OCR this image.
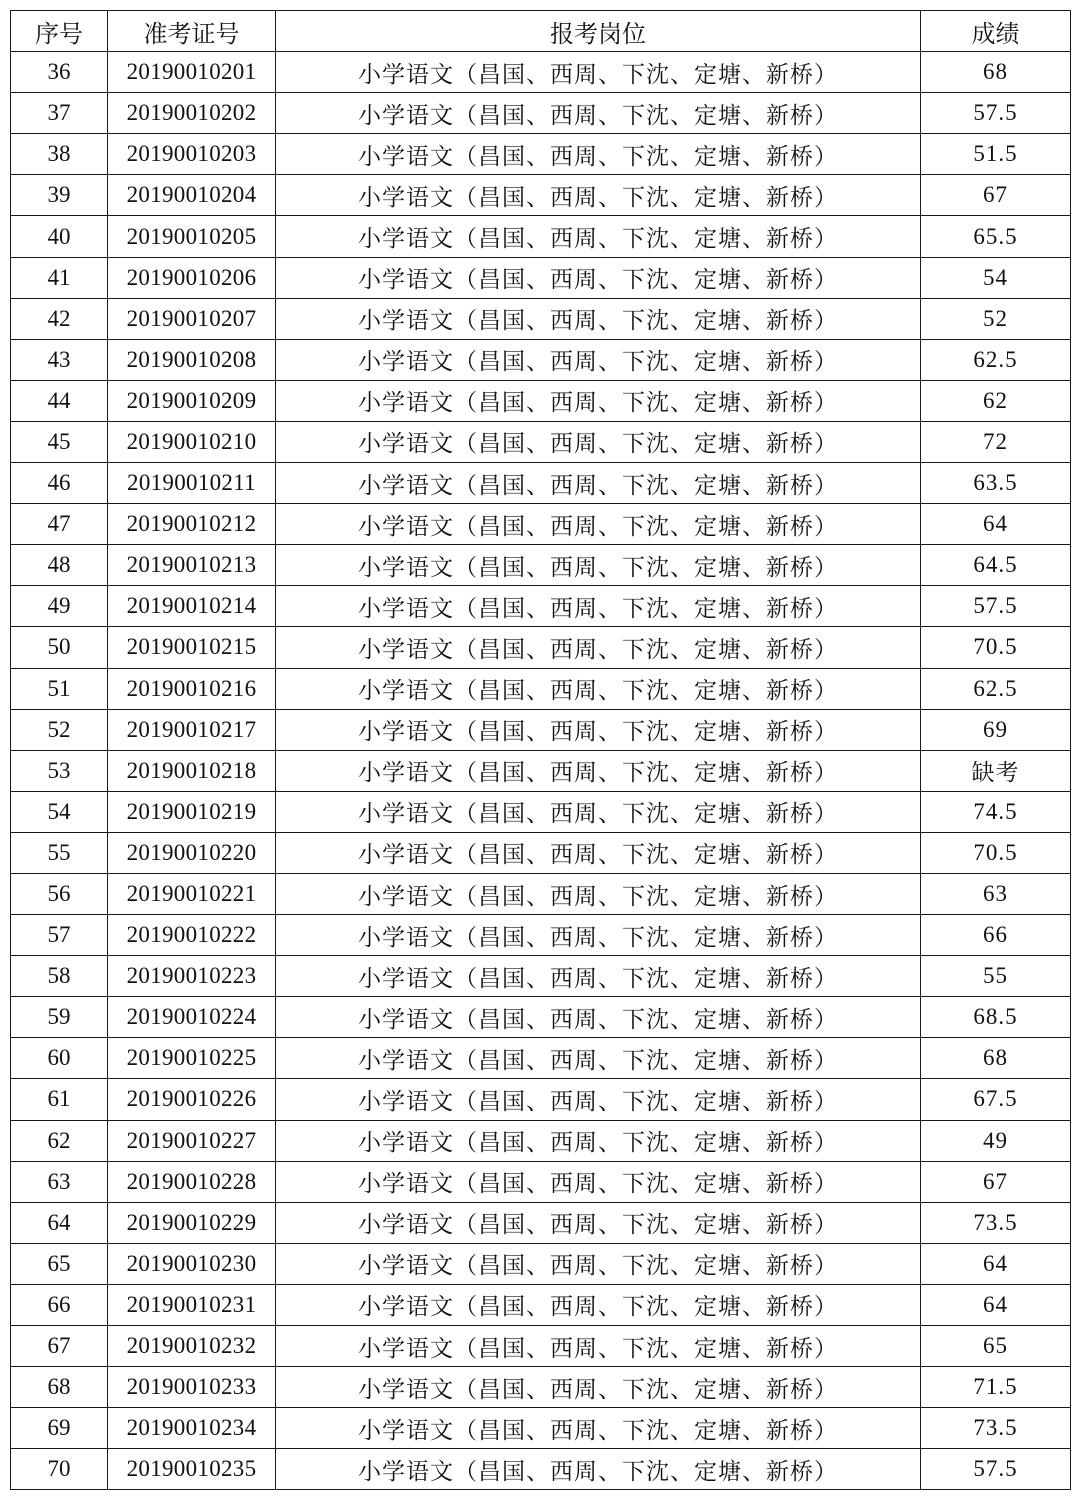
序号	准考证号	报考岗位	成绩
36	20190010201	小学语文（昌国、西周、下沈、定塘、新桥）	68
37	20190010202	小学语文（昌国、西周、下沈、定塘、新桥）	57.5
38	20190010203	小学语文（昌国、西周、下沈、定塘、新桥）	51.5
39	20190010204	小学语文（昌国、西周、下沈、定塘、新桥）	67
40	20190010205	小学语文（昌国、西周、下沈、定塘、新桥）	65.5
41	20190010206	小学语文（昌国、西周、下沈、定塘、新桥）	54
42	20190010207	小学语文（昌国、西周、下沈、定塘、新桥）	52
43	20190010208	小学语文（昌国、西周、下沈、定塘、新桥）	62.5
44	20190010209	小学语文（昌国、西周、下沈、定塘、新桥）	62
45	20190010210	小学语文（昌国、西周、下沈、定塘、新桥）	72
46	20190010211	小学语文（昌国、西周、下沈、定塘、新桥）	63.5
47	20190010212	小学语文（昌国、西周、下沈、定塘、新桥）	64
48	20190010213	小学语文（昌国、西周、下沈、定塘、新桥）	64.5
49	20190010214	小学语文（昌国、西周、下沈、定塘、新桥）	57.5
50	20190010215	小学语文（昌国、西周、下沈、定塘、新桥）	70.5
51	20190010216	小学语文（昌国、西周、下沈、定塘、新桥）	62.5
52	20190010217	小学语文（昌国、西周、下沈、定塘、新桥）	69
53	20190010218	小学语文（昌国、西周、下沈、定塘、新桥）	缺考
54	20190010219	小学语文（昌国、西周、下沈、定塘、新桥）	74.5
55	20190010220	小学语文（昌国、西周、下沈、定塘、新桥）	70.5
56	20190010221	小学语文（昌国、西周、下沈、定塘、新桥）	63
57	20190010222	小学语文（昌国、西周、下沈、定塘、新桥）	66
58	20190010223	小学语文（昌国、西周、下沈、定塘、新桥）	55
59	20190010224	小学语文（昌国、西周、下沈、定塘、新桥）	68.5
60	20190010225	小学语文（昌国、西周、下沈、定塘、新桥）	68
61	20190010226	小学语文（昌国、西周、下沈、定塘、新桥）	67.5
62	20190010227	小学语文（昌国、西周、下沈、定塘、新桥）	49
63	20190010228	小学语文（昌国、西周、下沈、定塘、新桥）	67
64	20190010229	小学语文（昌国、西周、下沈、定塘、新桥）	73.5
65	20190010230	小学语文（昌国、西周、下沈、定塘、新桥）	64
66	20190010231	小学语文（昌国、西周、下沈、定塘、新桥）	64
67	20190010232	小学语文（昌国、西周、下沈、定塘、新桥）	65
68	20190010233	小学语文（昌国、西周、下沈、定塘、新桥）	71.5
69	20190010234	小学语文（昌国、西周、下沈、定塘、新桥）	73.5
70	20190010235	小学语文（昌国、西周、下沈、定塘、新桥）	57.5
